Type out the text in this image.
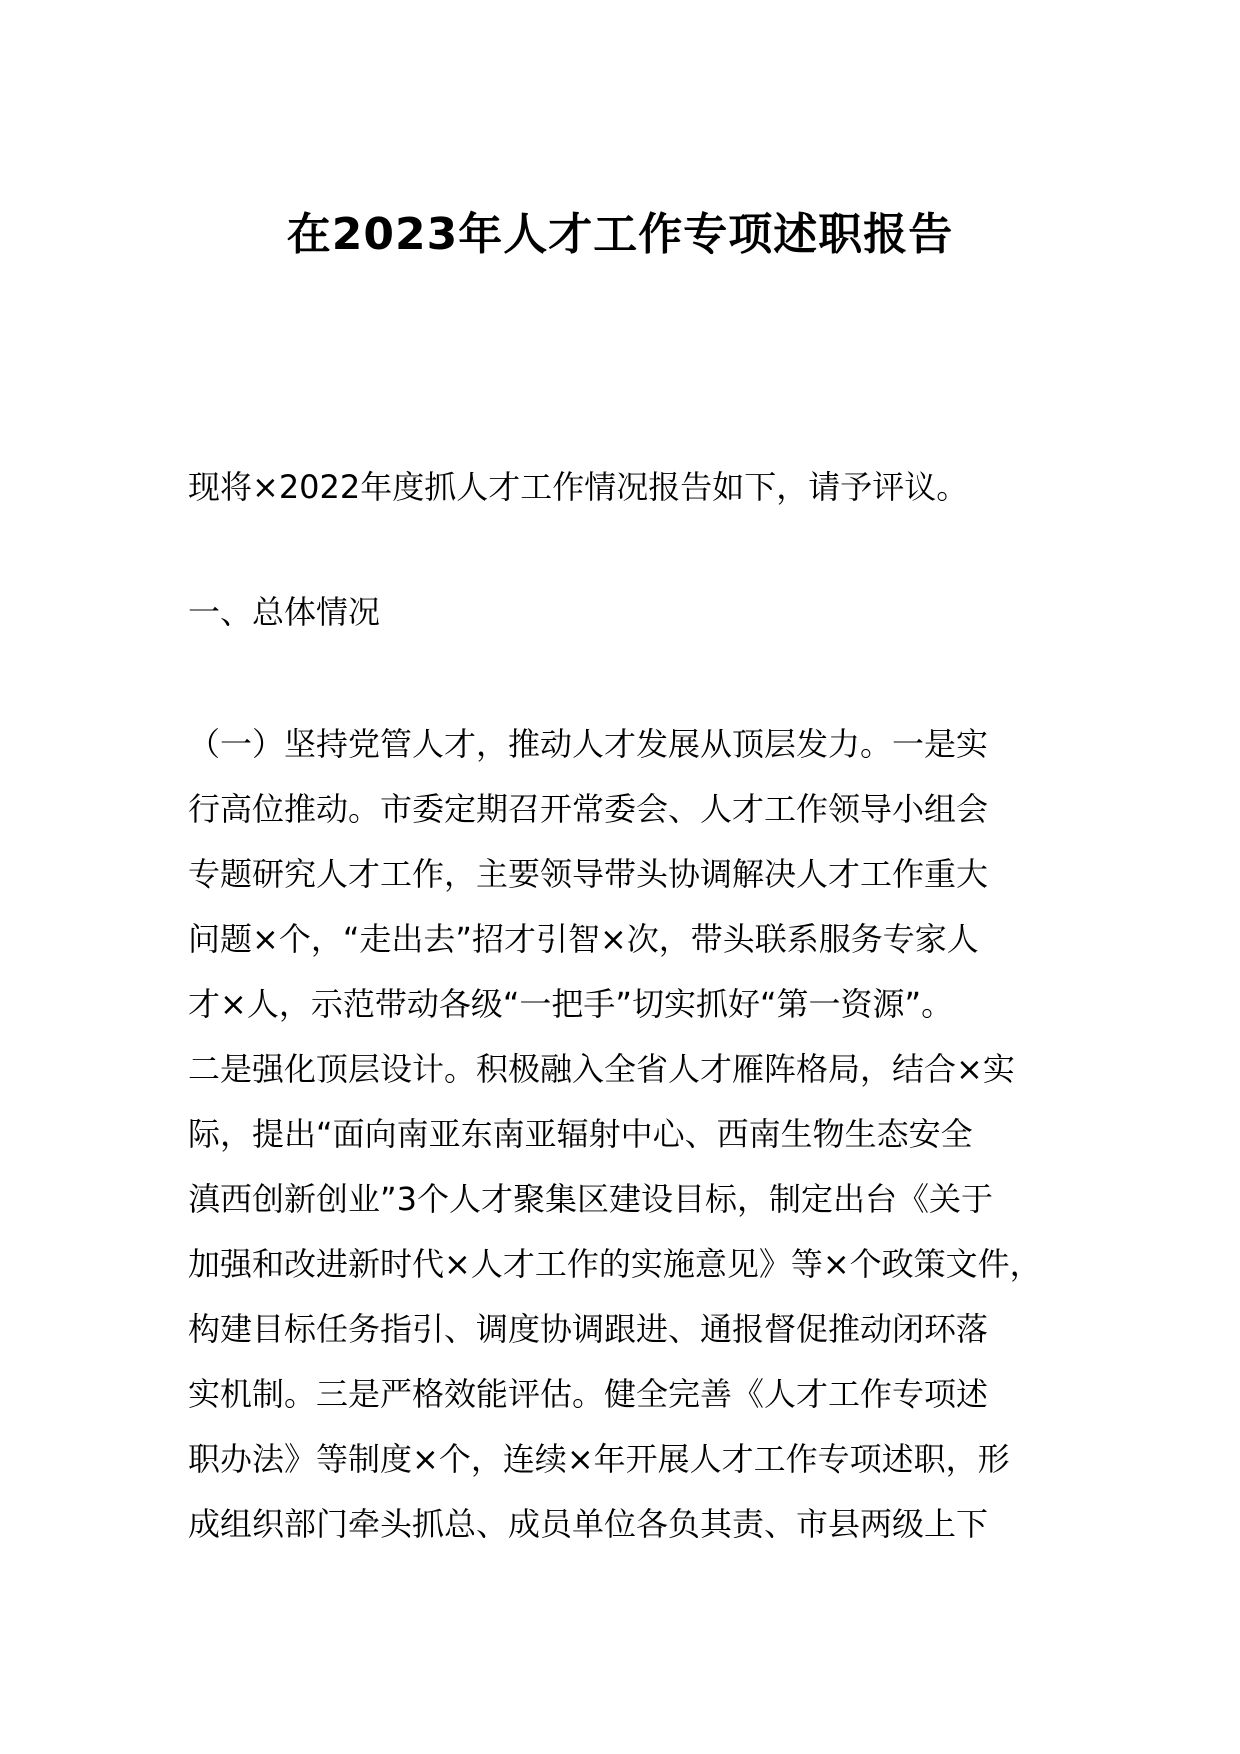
在2023年人才工作专项述职报告

现将×2022年度抓人才工作情况报告如下，请予评议。

一、总体情况
（一）坚持党管人才，推动人才发展从顶层发力。一是实
行高位推动。市委定期召开常委会、人才工作领导小组会
专题研究人才工作，主要领导带头协调解决人才工作重大
问题×个，“走出去”招才引智×次，带头联系服务专家人
才×人，示范带动各级“一把手”切实抓好“第一资源”。
二是强化顶层设计。积极融入全省人才雁阵格局，结合×实
际，提出“面向南亚东南亚辐射中心、西南生物生态安全
滇西创新创业”3个人才聚集区建设目标，制定出台《关于
加强和改进新时代×人才工作的实施意见》等×个政策文件，
构建目标任务指引、调度协调跟进、通报督促推动闭环落
实机制。三是严格效能评估。健全完善《人才工作专项述
职办法》等制度×个，连续×年开展人才工作专项述职，形
成组织部门牵头抓总、成员单位各负其责、市县两级上下
